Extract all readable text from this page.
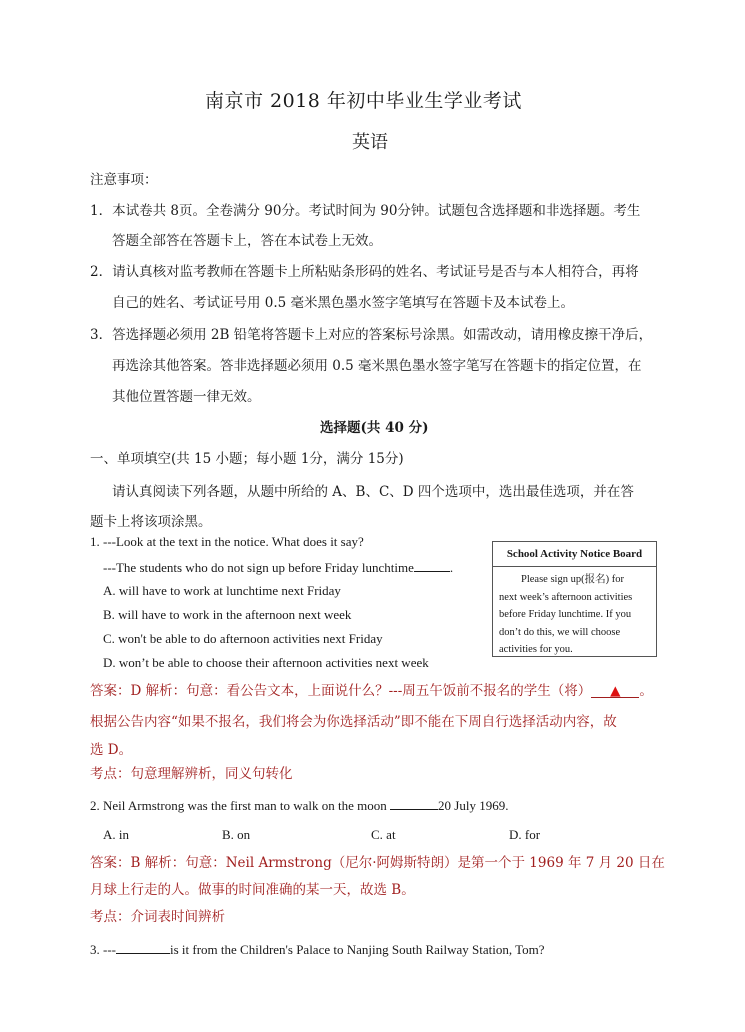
南京市 2018 年初中毕业生学业考试
英语
注意事项：
1．本试卷共 8页。全卷满分 90分。考试时间为 90分钟。试题包含选择题和非选择题。考生
答题全部答在答题卡上，答在本试卷上无效。
2．请认真核对监考教师在答题卡上所粘贴条形码的姓名、考试证号是否与本人相符合，再将
自己的姓名、考试证号用 0.5 毫米黑色墨水签字笔填写在答题卡及本试卷上。
3．答选择题必须用 2B 铅笔将答题卡上对应的答案标号涂黑。如需改动，请用橡皮擦干净后，
再选涂其他答案。答非选择题必须用 0.5 毫米黑色墨水签字笔写在答题卡的指定位置，在
其他位置答题一律无效。
选择题(共 40 分)
一、单项填空(共 15 小题；每小题 1分，满分 15分)
请认真阅读下列各题，从题中所给的 A、B、C、D 四个选项中，选出最佳选项，并在答
题卡上将该项涂黑。
1. ---Look at the text in the notice. What does it say?
---The students who do not sign up before Friday lunchtime	.
A. will have to work at lunchtime next Friday
B. will have to work in the afternoon next week
C. won't be able to do afternoon activities next Friday
D. won’t be able to choose their afternoon activities next week
School Activity Notice Board
Please sign up(报名) for
next week’s afternoon activities
before Friday lunchtime. If you
don’t do this, we will choose
activities for you.
答案：D 解析：句意：看公告文本，上面说什么？---周五午饭前不报名的学生（将） ▲ 。
根据公告内容“如果不报名，我们将会为你选择活动”即不能在下周自行选择活动内容，故
选 D。
考点：句意理解辨析，同义句转化
2. Neil Armstrong was the first man to walk on the moon	20 July 1969.
A. in	B. on	C. at	D. for
答案：B 解析：句意：Neil Armstrong（尼尔·阿姆斯特朗）是第一个于 1969 年 7 月 20 日在
月球上行走的人。做事的时间准确的某一天，故选 B。
考点：介词表时间辨析
3. ---	is it from the Children's Palace to Nanjing South Railway Station, Tom?
